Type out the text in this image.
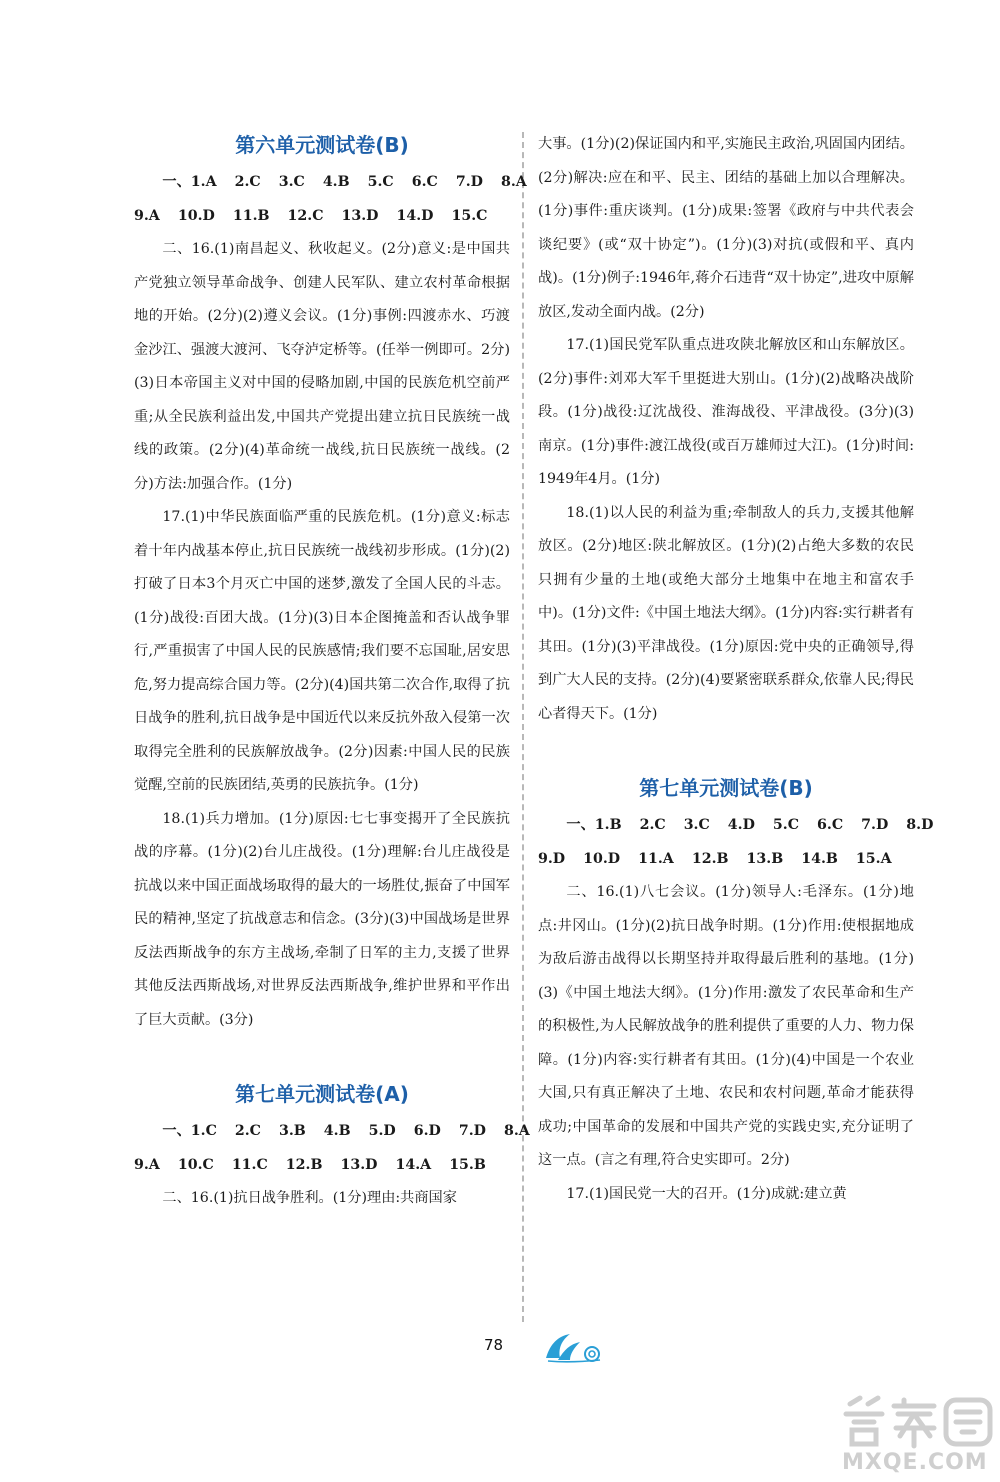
第六单元测试卷(B)
一、1.A 2.C 3.C 4.B 5.C 6.C 7.D 8.A
9.A 10.D 11.B 12.C 13.D 14.D 15.C

二、16.(1)南昌起义、秋收起义。(2分)意义:是中国共产党独立领导革命战争、创建人民军队、建立农村革命根据地的开始。(2分)(2)遵义会议。(1分)事例:四渡赤水、巧渡金沙江、强渡大渡河、飞夺泸定桥等。(任举一例即可。2分)(3)日本帝国主义对中国的侵略加剧,中国的民族危机空前严重;从全民族利益出发,中国共产党提出建立抗日民族统一战线的政策。(2分)(4)革命统一战线,抗日民族统一战线。(2分)方法:加强合作。(1分)

17.(1)中华民族面临严重的民族危机。(1分)意义:标志着十年内战基本停止,抗日民族统一战线初步形成。(1分)(2)打破了日本3个月灭亡中国的迷梦,激发了全国人民的斗志。(1分)战役:百团大战。(1分)(3)日本企图掩盖和否认战争罪行,严重损害了中国人民的民族感情;我们要不忘国耻,居安思危,努力提高综合国力等。(2分)(4)国共第二次合作,取得了抗日战争的胜利,抗日战争是中国近代以来反抗外敌入侵第一次取得完全胜利的民族解放战争。(2分)因素:中国人民的民族觉醒,空前的民族团结,英勇的民族抗争。(1分)

18.(1)兵力增加。(1分)原因:七七事变揭开了全民族抗战的序幕。(1分)(2)台儿庄战役。(1分)理解:台儿庄战役是抗战以来中国正面战场取得的最大的一场胜仗,振奋了中国军民的精神,坚定了抗战意志和信念。(3分)(3)中国战场是世界反法西斯战争的东方主战场,牵制了日军的主力,支援了世界其他反法西斯战场,对世界反法西斯战争,维护世界和平作出了巨大贡献。(3分)

第七单元测试卷(A)
一、1.C 2.C 3.B 4.B 5.D 6.D 7.D 8.A
9.A 10.C 11.C 12.B 13.D 14.A 15.B

二、16.(1)抗日战争胜利。(1分)理由:共商国家

大事。(1分)(2)保证国内和平,实施民主政治,巩固国内团结。(2分)解决:应在和平、民主、团结的基础上加以合理解决。(1分)事件:重庆谈判。(1分)成果:签署《政府与中共代表会谈纪要》(或“双十协定”)。(1分)(3)对抗(或假和平、真内战)。(1分)例子:1946年,蒋介石违背“双十协定”,进攻中原解放区,发动全面内战。(2分)

17.(1)国民党军队重点进攻陕北解放区和山东解放区。(2分)事件:刘邓大军千里挺进大别山。(1分)(2)战略决战阶段。(1分)战役:辽沈战役、淮海战役、平津战役。(3分)(3)南京。(1分)事件:渡江战役(或百万雄师过大江)。(1分)时间:1949年4月。(1分)

18.(1)以人民的利益为重;牵制敌人的兵力,支援其他解放区。(2分)地区:陕北解放区。(1分)(2)占绝大多数的农民只拥有少量的土地(或绝大部分土地集中在地主和富农手中)。(1分)文件:《中国土地法大纲》。(1分)内容:实行耕者有其田。(1分)(3)平津战役。(1分)原因:党中央的正确领导,得到广大人民的支持。(2分)(4)要紧密联系群众,依靠人民;得民心者得天下。(1分)

第七单元测试卷(B)
一、1.B 2.C 3.C 4.D 5.C 6.C 7.D 8.D
9.D 10.D 11.A 12.B 13.B 14.B 15.A

二、16.(1)八七会议。(1分)领导人:毛泽东。(1分)地点:井冈山。(1分)(2)抗日战争时期。(1分)作用:使根据地成为敌后游击战得以长期坚持并取得最后胜利的基地。(1分)(3)《中国土地法大纲》。(1分)作用:激发了农民革命和生产的积极性,为人民解放战争的胜利提供了重要的人力、物力保障。(1分)内容:实行耕者有其田。(1分)(4)中国是一个农业大国,只有真正解决了土地、农民和农村问题,革命才能获得成功;中国革命的发展和中国共产党的实践史实,充分证明了这一点。(言之有理,符合史实即可。2分)

17.(1)国民党一大的召开。(1分)成就:建立黄

78
MXQE.COM
